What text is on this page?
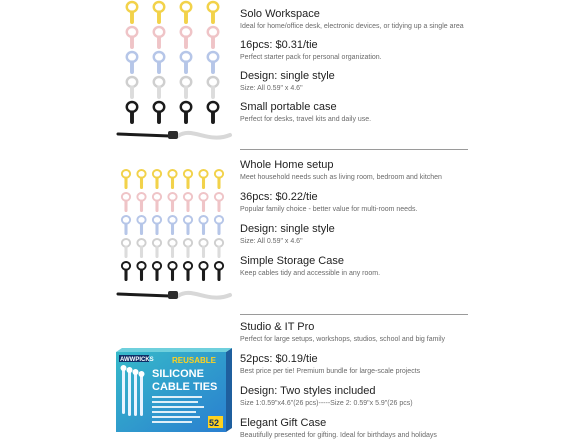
Solo Workspace
Ideal for home/office desk, electronic devices, or tidying up a single area
16pcs: $0.31/tie
Perfect starter pack for personal organization.
Design: single style
Size: All 0.59" x 4.6"
Small portable case
Perfect for desks, travel kits and daily use.
Whole Home setup
Meet household needs such as living room, bedroom and kitchen
36pcs: $0.22/tie
Popular family choice - better value for multi-room needs.
Design: single style
Size: All 0.59" x 4.6"
Simple Storage Case
Keep cables tidy and accessible in any room.
AWWPICKS REUSABLE
SILICONE
CABLE TIES
52
Studio & IT Pro
Perfect for large setups, workshops, studios, school and big family
52pcs: $0.19/tie
Best price per tie! Premium bundle for large-scale projects
Design: Two styles included
Size 1:0.59"x4.6"(26 pcs)-----Size 2: 0.59"x 5.9"(26 pcs)
Elegant Gift Case
Beautifully presented for gifting. Ideal for birthdays and holidays
